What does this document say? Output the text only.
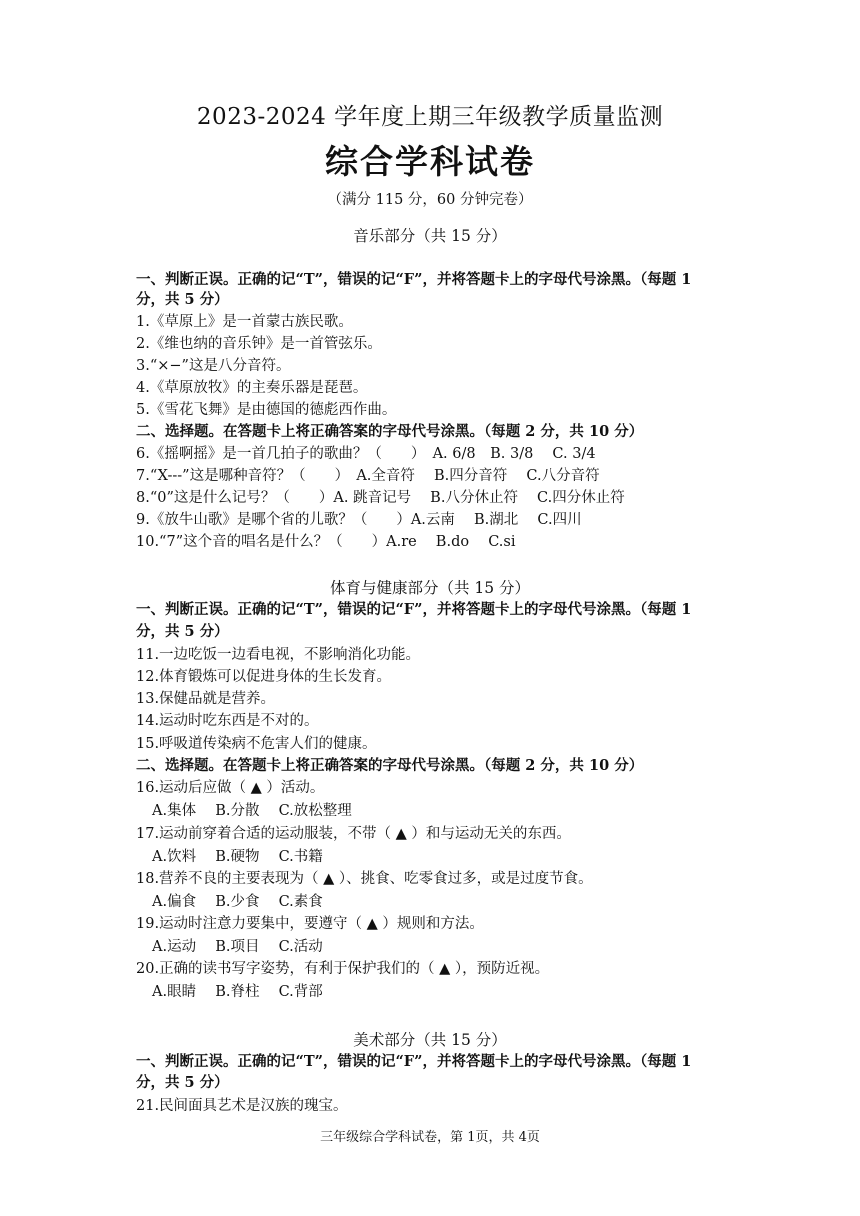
2023-2024 学年度上期三年级教学质量监测
综合学科试卷
（满分 115 分，60 分钟完卷）
音乐部分（共 15 分）
一、判断正误。正确的记“T”，错误的记“F”，并将答题卡上的字母代号涂黑。（每题 1
分，共 5 分）
1.《草原上》是一首蒙古族民歌。
2.《维也纳的音乐钟》是一首管弦乐。
3.“×−”这是八分音符。
4.《草原放牧》的主奏乐器是琵琶。
5.《雪花飞舞》是由德国的德彪西作曲。
二、选择题。在答题卡上将正确答案的字母代号涂黑。（每题 2 分，共 10 分）
6.《摇啊摇》是一首几拍子的歌曲？（　　）　A. 6/8　B. 3/8　 C. 3/4
7.“X---”这是哪种音符？（　　）　A.全音符　 B.四分音符　 C.八分音符
8.“0”这是什么记号？（　　）A. 跳音记号　 B.八分休止符　 C.四分休止符
9.《放牛山歌》是哪个省的儿歌？（　　）A.云南　 B.湖北　 C.四川
10.“7”这个音的唱名是什么？（　　）A.re　 B.do　 C.si
体育与健康部分（共 15 分）
一、判断正误。正确的记“T”，错误的记“F”，并将答题卡上的字母代号涂黑。（每题 1
分，共 5 分）
11.一边吃饭一边看电视，不影响消化功能。
12.体育锻炼可以促进身体的生长发育。
13.保健品就是营养。
14.运动时吃东西是不对的。
15.呼吸道传染病不危害人们的健康。
二、选择题。在答题卡上将正确答案的字母代号涂黑。（每题 2 分，共 10 分）
16.运动后应做（ ▲ ）活动。
A.集体　 B.分散　 C.放松整理
17.运动前穿着合适的运动服装，不带（ ▲ ）和与运动无关的东西。
A.饮料　 B.硬物　 C.书籍
18.营养不良的主要表现为（ ▲ ）、挑食、吃零食过多，或是过度节食。
A.偏食　 B.少食　 C.素食
19.运动时注意力要集中，要遵守（ ▲ ）规则和方法。
A.运动　 B.项目　 C.活动
20.正确的读书写字姿势，有利于保护我们的（ ▲ ），预防近视。
A.眼睛　 B.脊柱　 C.背部
美术部分（共 15 分）
一、判断正误。正确的记“T”，错误的记“F”，并将答题卡上的字母代号涂黑。（每题 1
分，共 5 分）
21.民间面具艺术是汉族的瑰宝。
三年级综合学科试卷，第 1页，共 4页
